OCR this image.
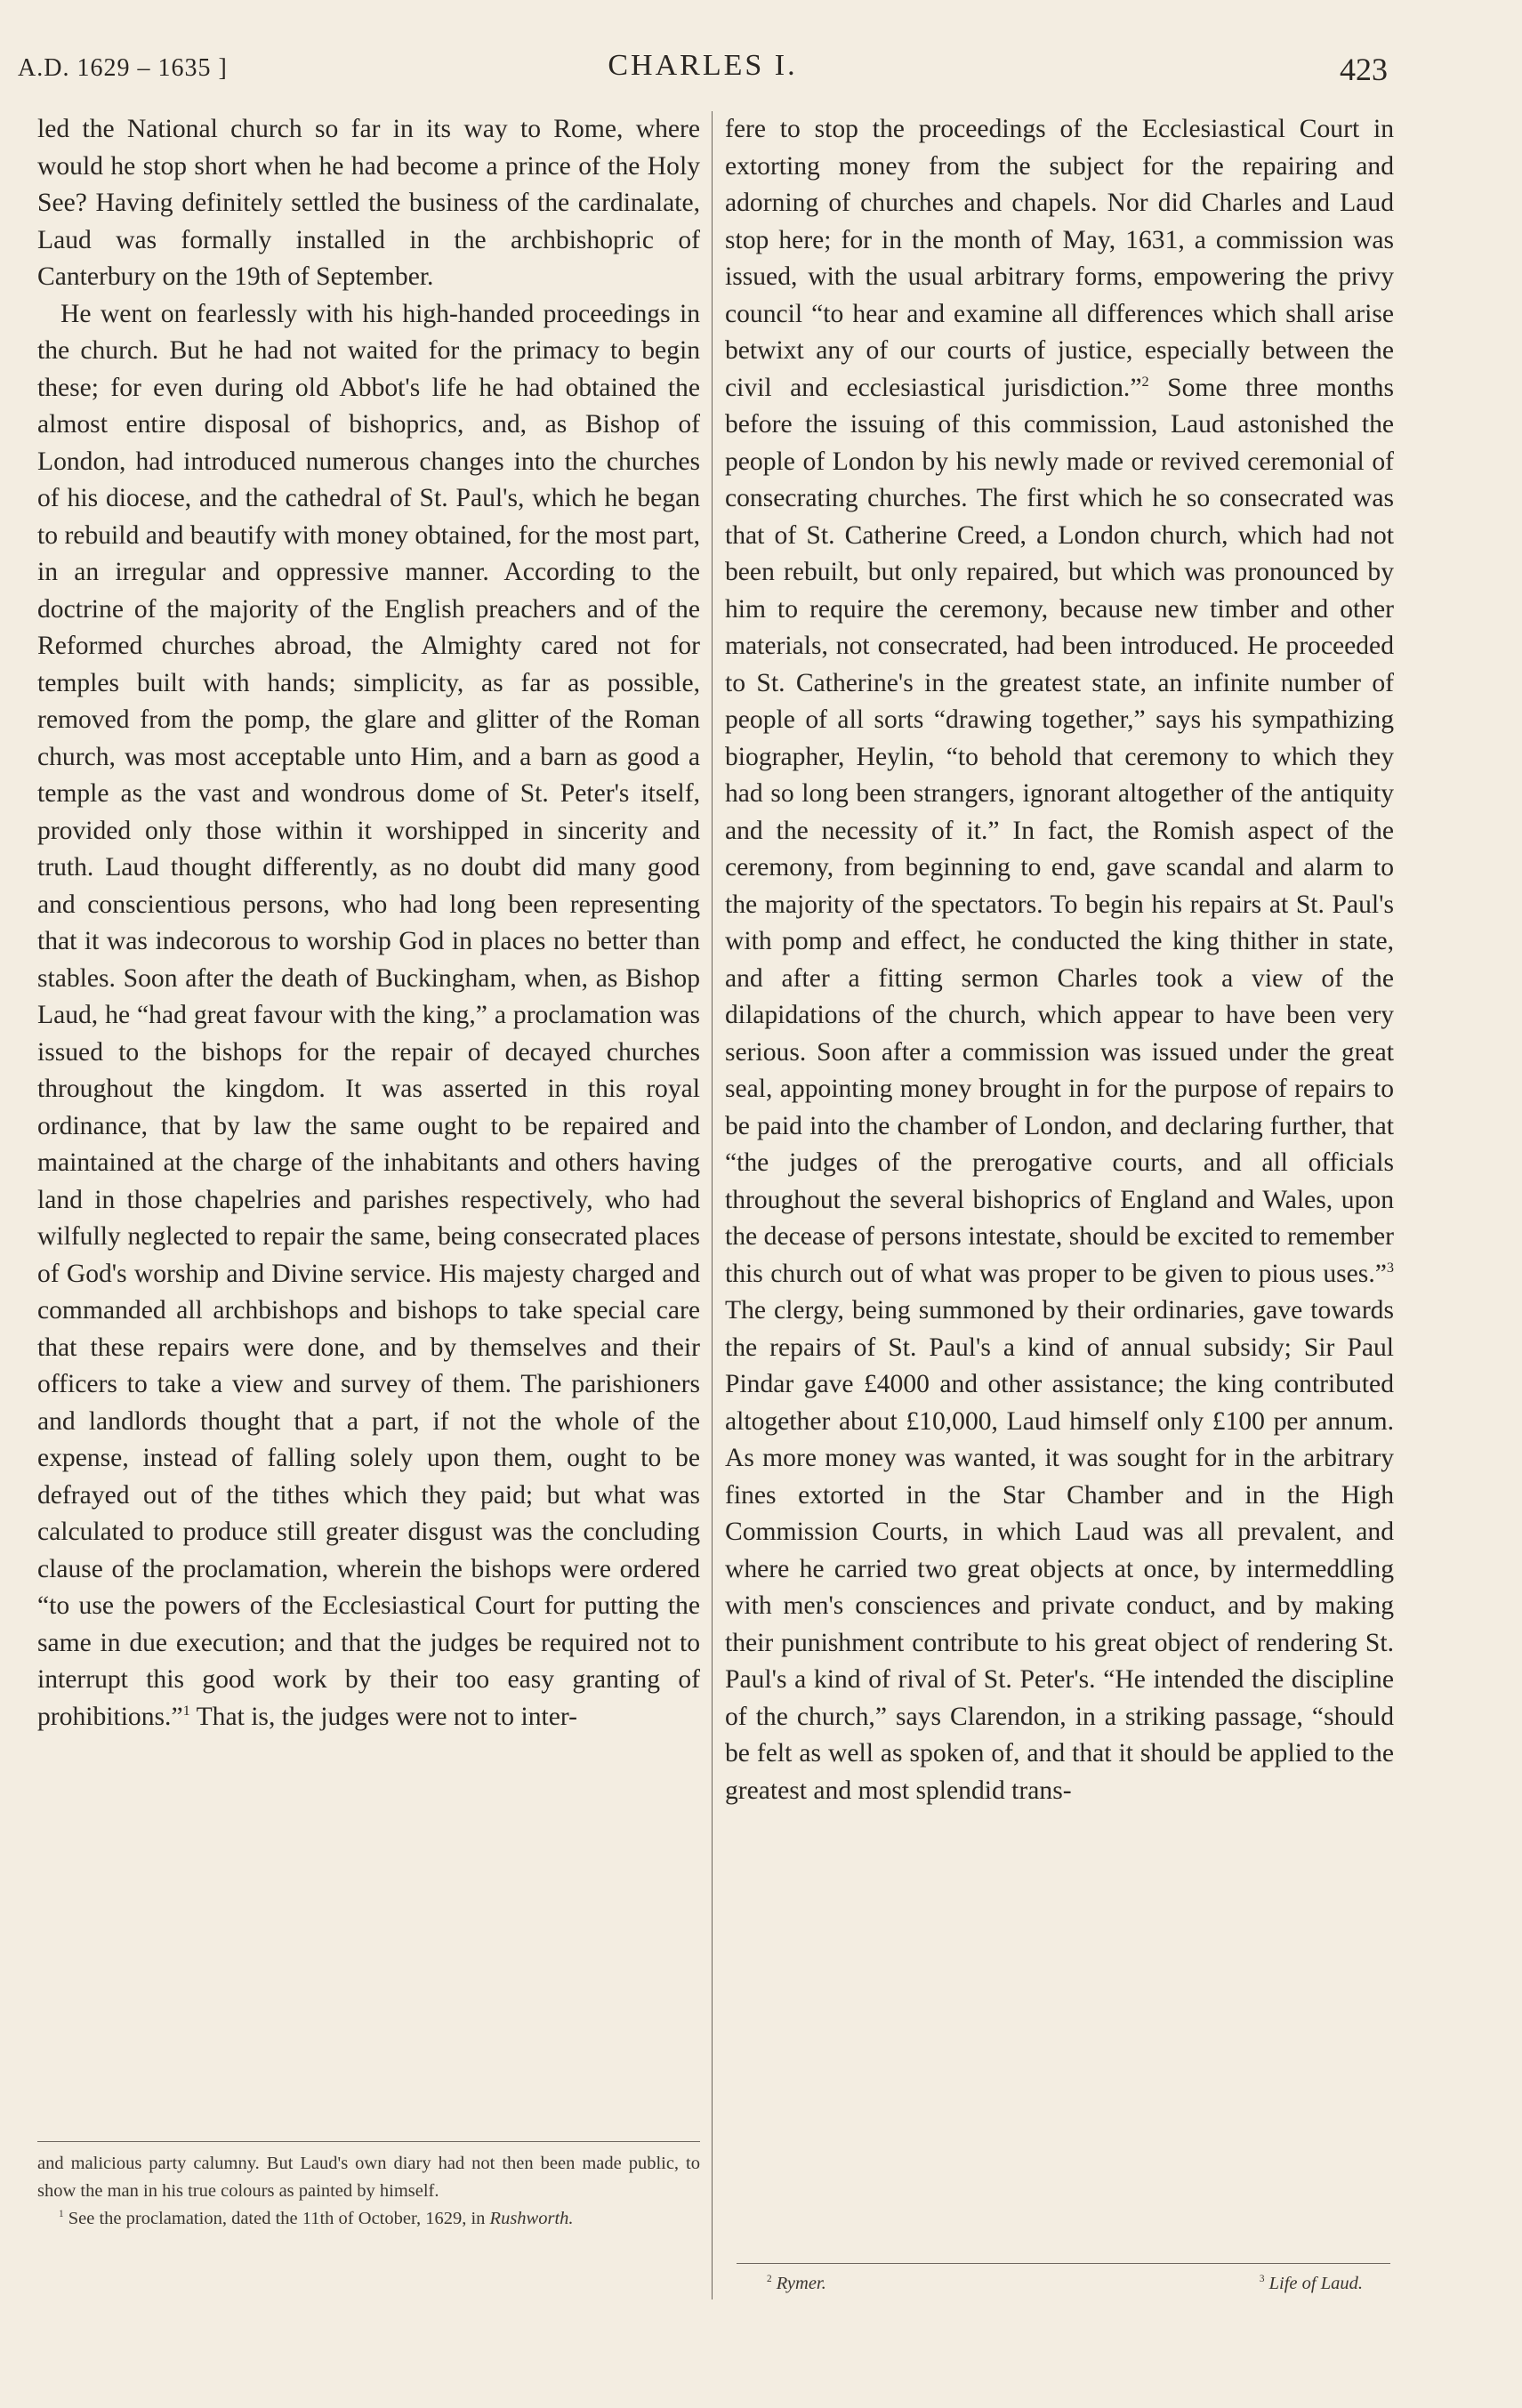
A.D. 1629 – 1635 ]	CHARLES I.	423

led the National church so far in its way to Rome, where would he stop short when he had become a prince of the Holy See? Having definitely settled the business of the cardinalate, Laud was formally installed in the archbishopric of Canterbury on the 19th of September.

He went on fearlessly with his high-handed proceedings in the church. But he had not waited for the primacy to begin these; for even during old Abbot's life he had obtained the almost entire disposal of bishoprics, and, as Bishop of London, had introduced numerous changes into the churches of his diocese, and the cathedral of St. Paul's, which he began to rebuild and beautify with money obtained, for the most part, in an irregular and oppressive manner. According to the doctrine of the majority of the English preachers and of the Reformed churches abroad, the Almighty cared not for temples built with hands; simplicity, as far as possible, removed from the pomp, the glare and glitter of the Roman church, was most acceptable unto Him, and a barn as good a temple as the vast and wondrous dome of St. Peter's itself, provided only those within it worshipped in sincerity and truth. Laud thought differently, as no doubt did many good and conscientious persons, who had long been representing that it was indecorous to worship God in places no better than stables. Soon after the death of Buckingham, when, as Bishop Laud, he “had great favour with the king,” a proclamation was issued to the bishops for the repair of decayed churches throughout the kingdom. It was asserted in this royal ordinance, that by law the same ought to be repaired and maintained at the charge of the inhabitants and others having land in those chapelries and parishes respectively, who had wilfully neglected to repair the same, being consecrated places of God's worship and Divine service. His majesty charged and commanded all archbishops and bishops to take special care that these repairs were done, and by themselves and their officers to take a view and survey of them. The parishioners and landlords thought that a part, if not the whole of the expense, instead of falling solely upon them, ought to be defrayed out of the tithes which they paid; but what was calculated to produce still greater disgust was the concluding clause of the proclamation, wherein the bishops were ordered “to use the powers of the Ecclesiastical Court for putting the same in due execution; and that the judges be required not to interrupt this good work by their too easy granting of prohibitions.”$^1$ That is, the judges were not to inter-

fere to stop the proceedings of the Ecclesiastical Court in extorting money from the subject for the repairing and adorning of churches and chapels. Nor did Charles and Laud stop here; for in the month of May, 1631, a commission was issued, with the usual arbitrary forms, empowering the privy council “to hear and examine all differences which shall arise betwixt any of our courts of justice, especially between the civil and ecclesiastical jurisdiction.”$^2$ Some three months before the issuing of this commission, Laud astonished the people of London by his newly made or revived ceremonial of consecrating churches. The first which he so consecrated was that of St. Catherine Creed, a London church, which had not been rebuilt, but only repaired, but which was pronounced by him to require the ceremony, because new timber and other materials, not consecrated, had been introduced. He proceeded to St. Catherine's in the greatest state, an infinite number of people of all sorts “drawing together,” says his sympathizing biographer, Heylin, “to behold that ceremony to which they had so long been strangers, ignorant altogether of the antiquity and the necessity of it.” In fact, the Romish aspect of the ceremony, from beginning to end, gave scandal and alarm to the majority of the spectators. To begin his repairs at St. Paul's with pomp and effect, he conducted the king thither in state, and after a fitting sermon Charles took a view of the dilapidations of the church, which appear to have been very serious. Soon after a commission was issued under the great seal, appointing money brought in for the purpose of repairs to be paid into the chamber of London, and declaring further, that “the judges of the prerogative courts, and all officials throughout the several bishoprics of England and Wales, upon the decease of persons intestate, should be excited to remember this church out of what was proper to be given to pious uses.”$^3$ The clergy, being summoned by their ordinaries, gave towards the repairs of St. Paul's a kind of annual subsidy; Sir Paul Pindar gave £4000 and other assistance; the king contributed altogether about £10,000, Laud himself only £100 per annum. As more money was wanted, it was sought for in the arbitrary fines extorted in the Star Chamber and in the High Commission Courts, in which Laud was all prevalent, and where he carried two great objects at once, by intermeddling with men's consciences and private conduct, and by making their punishment contribute to his great object of rendering St. Paul's a kind of rival of St. Peter's. “He intended the discipline of the church,” says Clarendon, in a striking passage, “should be felt as well as spoken of, and that it should be applied to the greatest and most splendid trans-

and malicious party calumny. But Laud's own diary had not then been made public, to show the man in his true colours as painted by himself.

$^1$ See the proclamation, dated the 11th of October, 1629, in Rushworth.

$^2$ Rymer.	$^3$ Life of Laud.
